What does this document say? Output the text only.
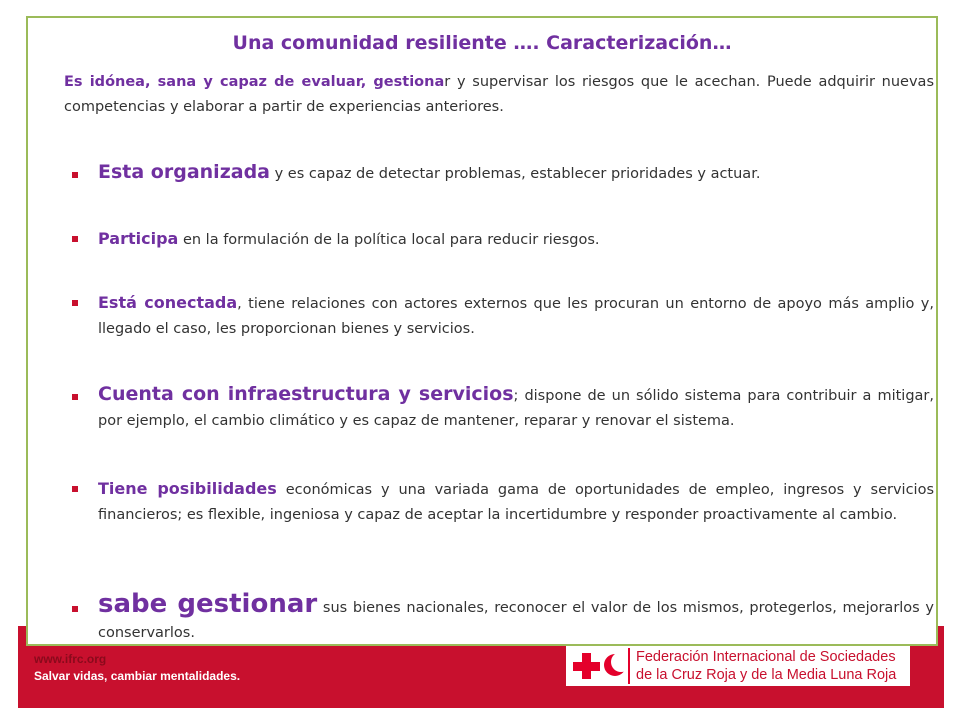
www.ifrc.org
Salvar vidas, cambiar mentalidades.
Federación Internacional de Sociedades
de la Cruz Roja y de la Media Luna Roja
Una comunidad resiliente …. Caracterización…
Es idónea, sana y capaz de evaluar, gestionar y supervisar los riesgos que le acechan. Puede adquirir nuevas competencias y elaborar a partir de experiencias anteriores.
Esta organizada y es capaz de detectar problemas, establecer prioridades y actuar.
Participa en la formulación de la política local para reducir riesgos.
Está conectada, tiene relaciones con actores externos que les procuran un entorno de apoyo más amplio y, llegado el caso, les proporcionan bienes y servicios.
Cuenta con infraestructura y servicios; dispone de un sólido sistema para contribuir a mitigar, por ejemplo, el cambio climático y es capaz de mantener, reparar y renovar el sistema.
Tiene posibilidades económicas y una variada gama de oportunidades de empleo, ingresos y servicios financieros; es flexible, ingeniosa y capaz de aceptar la incertidumbre y responder proactivamente al cambio.
sabe gestionar sus bienes nacionales, reconocer el valor de los mismos, protegerlos, mejorarlos y conservarlos.
